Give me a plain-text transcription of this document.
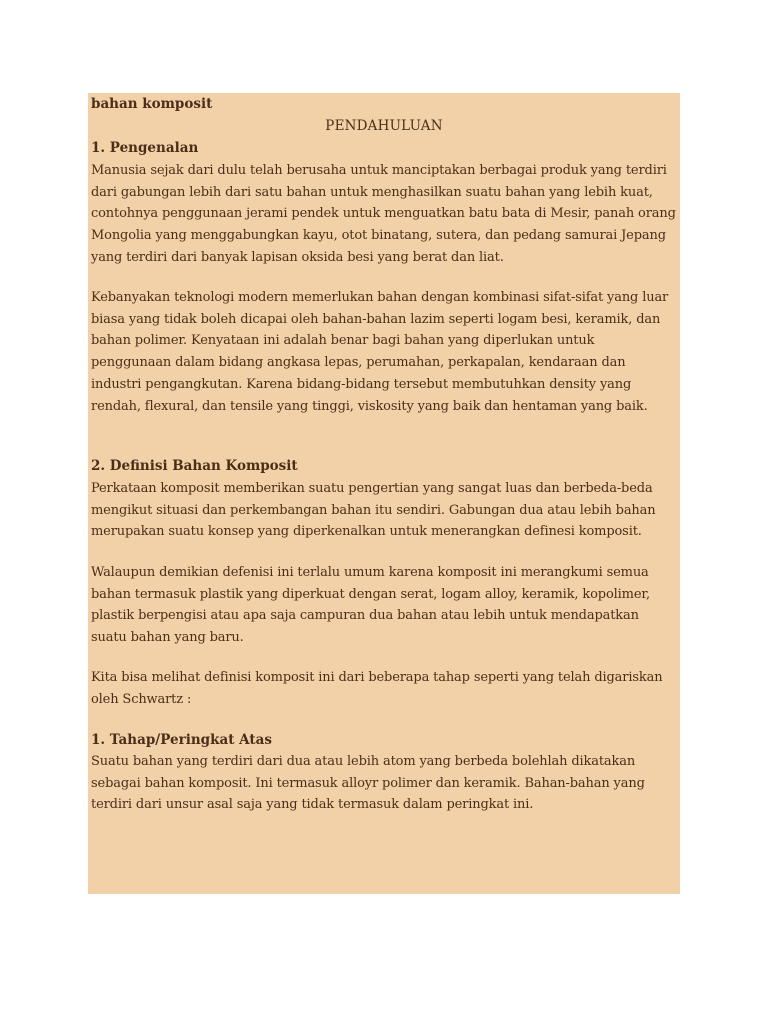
bahan komposit
PENDAHULUAN
1. Pengenalan

Manusia sejak dari dulu telah berusaha untuk manciptakan berbagai produk yang terdiri dari gabungan lebih dari satu bahan untuk menghasilkan suatu bahan yang lebih kuat, contohnya penggunaan jerami pendek untuk menguatkan batu bata di Mesir, panah orang Mongolia yang menggabungkan kayu, otot binatang, sutera, dan pedang samurai Jepang yang terdiri dari banyak lapisan oksida besi yang berat dan liat.

Kebanyakan teknologi modern memerlukan bahan dengan kombinasi sifat-sifat yang luar biasa yang tidak boleh dicapai oleh bahan-bahan lazim seperti logam besi, keramik, dan bahan polimer. Kenyataan ini adalah benar bagi bahan yang diperlukan untuk penggunaan dalam bidang angkasa lepas, perumahan, perkapalan, kendaraan dan industri pengangkutan. Karena bidang-bidang tersebut membutuhkan density yang rendah, flexural, dan tensile yang tinggi, viskosity yang baik dan hentaman yang baik.

2. Definisi Bahan Komposit

Perkataan komposit memberikan suatu pengertian yang sangat luas dan berbeda-beda mengikut situasi dan perkembangan bahan itu sendiri. Gabungan dua atau lebih bahan merupakan suatu konsep yang diperkenalkan untuk menerangkan definesi komposit.

Walaupun demikian defenisi ini terlalu umum karena komposit ini merangkumi semua bahan termasuk plastik yang diperkuat dengan serat, logam alloy, keramik, kopolimer, plastik berpengisi atau apa saja campuran dua bahan atau lebih untuk mendapatkan suatu bahan yang baru.

Kita bisa melihat definisi komposit ini dari beberapa tahap seperti yang telah digariskan oleh Schwartz :

1. Tahap/Peringkat Atas

Suatu bahan yang terdiri dari dua atau lebih atom yang berbeda bolehlah dikatakan sebagai bahan komposit. Ini termasuk alloyr polimer dan keramik. Bahan-bahan yang terdiri dari unsur asal saja yang tidak termasuk dalam peringkat ini.
